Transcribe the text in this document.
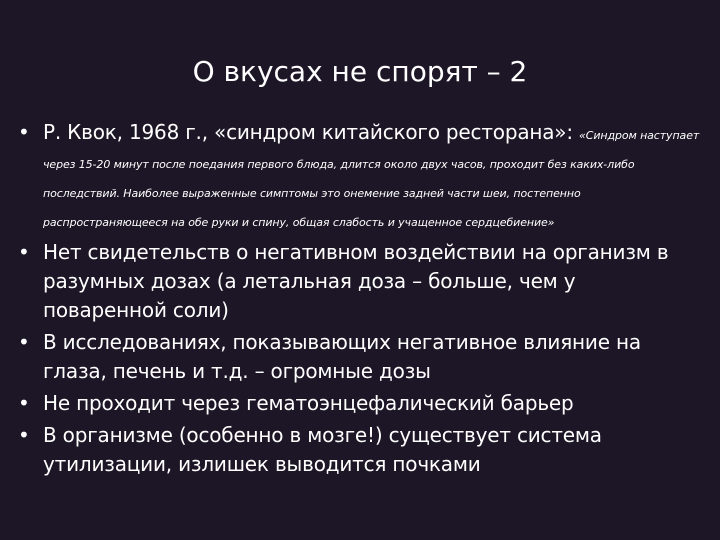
О вкусах не спорят – 2
• Р. Квок, 1968 г., «синдром китайского ресторана»: «Синдром наступает через 15-20 минут после поедания первого блюда, длится около двух часов, проходит без каких-либо последствий. Наиболее выраженные симптомы это онемение задней части шеи, постепенно распространяющееся на обе руки и спину, общая слабость и учащенное сердцебиение»
• Нет свидетельств о негативном воздействии на организм в разумных дозах (а летальная доза – больше, чем у поваренной соли)
• В исследованиях, показывающих негативное влияние на глаза, печень и т.д. – огромные дозы
• Не проходит через гематоэнцефалический барьер
• В организме (особенно в мозге!) существует система утилизации, излишек выводится почками
